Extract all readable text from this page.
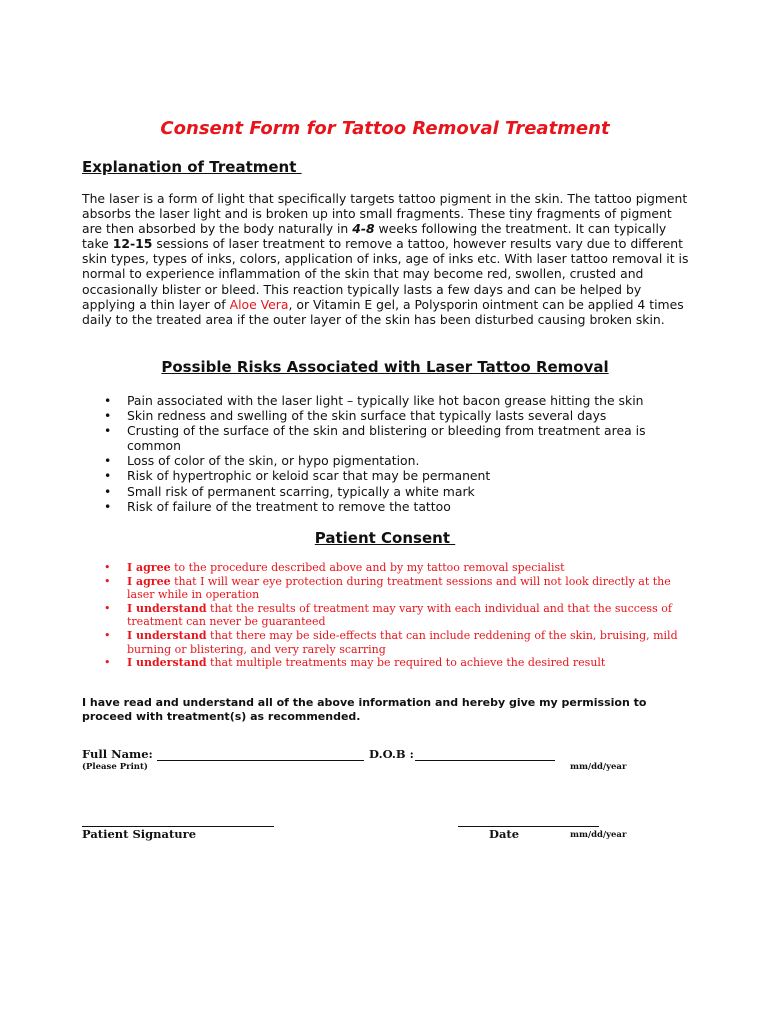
Consent Form for Tattoo Removal Treatment
Explanation of Treatment
The laser is a form of light that specifically targets tattoo pigment in the skin. The tattoo pigment absorbs the laser light and is broken up into small fragments. These tiny fragments of pigment are then absorbed by the body naturally in 4-8 weeks following the treatment. It can typically take 12-15 sessions of laser treatment to remove a tattoo, however results vary due to different skin types, types of inks, colors, application of inks, age of inks etc. With laser tattoo removal it is normal to experience inflammation of the skin that may become red, swollen, crusted and occasionally blister or bleed. This reaction typically lasts a few days and can be helped by applying a thin layer of Aloe Vera, or Vitamin E gel, a Polysporin ointment can be applied 4 times daily to the treated area if the outer layer of the skin has been disturbed causing broken skin.
Possible Risks Associated with Laser Tattoo Removal
• Pain associated with the laser light – typically like hot bacon grease hitting the skin
• Skin redness and swelling of the skin surface that typically lasts several days
• Crusting of the surface of the skin and blistering or bleeding from treatment area is common
• Loss of color of the skin, or hypo pigmentation.
• Risk of hypertrophic or keloid scar that may be permanent
• Small risk of permanent scarring, typically a white mark
• Risk of failure of the treatment to remove the tattoo
Patient Consent
• I agree to the procedure described above and by my tattoo removal specialist
• I agree that I will wear eye protection during treatment sessions and will not look directly at the laser while in operation
• I understand that the results of treatment may vary with each individual and that the success of treatment can never be guaranteed
• I understand that there may be side-effects that can include reddening of the skin, bruising, mild burning or blistering, and very rarely scarring
• I understand that multiple treatments may be required to achieve the desired result
I have read and understand all of the above information and hereby give my permission to proceed with treatment(s) as recommended.
Full Name:	D.O.B :
(Please Print)	mm/dd/year
Patient Signature	Date	mm/dd/year
